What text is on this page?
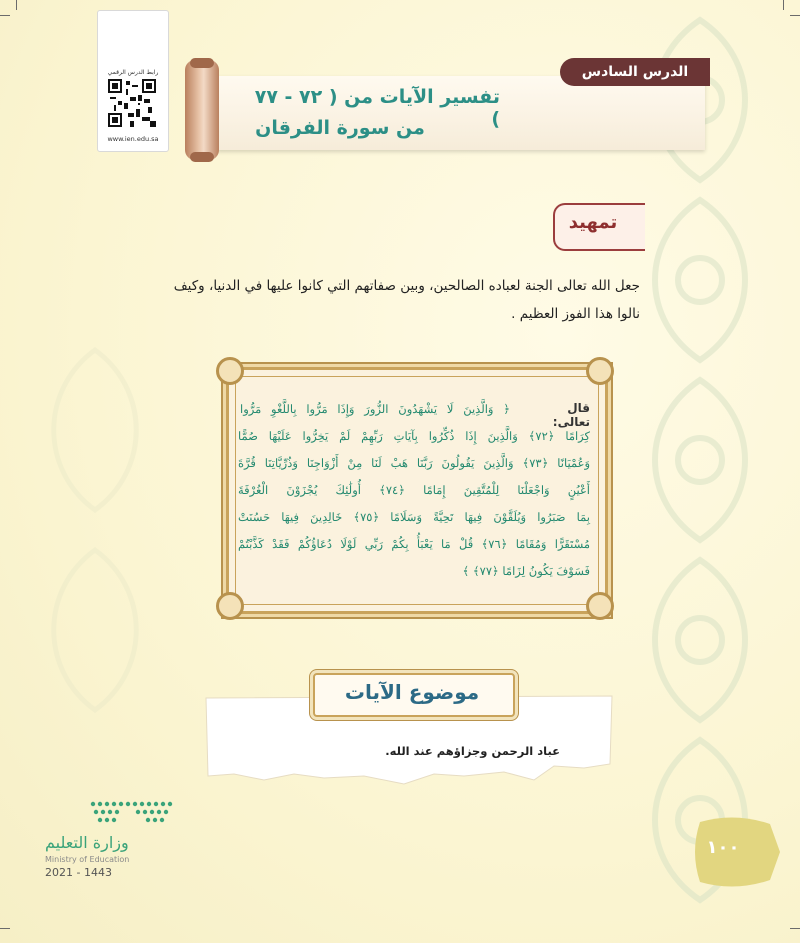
رابط الدرس الرقمي
www.ien.edu.sa
الدرس السادس
تفسير الآيات من ( ٧٢ - ٧٧ )
من سورة الفرقان
تمهيد
جعل الله تعالى الجنة لعباده الصالحين، وبين صفاتهم التي كانوا عليها في الدنيا، وكيف
نالوا هذا الفوز العظيم .
قال تعالى:
﴿ وَالَّذِينَ لَا يَشْهَدُونَ الزُّورَ وَإِذَا مَرُّوا بِاللَّغْوِ مَرُّوا
كِرَامًا ﴿٧٢﴾ وَالَّذِينَ إِذَا ذُكِّرُوا بِآيَاتِ رَبِّهِمْ لَمْ يَخِرُّوا عَلَيْهَا صُمًّا
وَعُمْيَانًا ﴿٧٣﴾ وَالَّذِينَ يَقُولُونَ رَبَّنَا هَبْ لَنَا مِنْ أَزْوَاجِنَا وَذُرِّيَّاتِنَا قُرَّةَ
أَعْيُنٍ وَاجْعَلْنَا لِلْمُتَّقِينَ إِمَامًا ﴿٧٤﴾ أُولَٰئِكَ يُجْزَوْنَ الْغُرْفَةَ
بِمَا صَبَرُوا وَيُلَقَّوْنَ فِيهَا تَحِيَّةً وَسَلَامًا ﴿٧٥﴾ خَالِدِينَ فِيهَا حَسُنَتْ
مُسْتَقَرًّا وَمُقَامًا ﴿٧٦﴾ قُلْ مَا يَعْبَأُ بِكُمْ رَبِّي لَوْلَا دُعَاؤُكُمْ فَقَدْ كَذَّبْتُمْ
فَسَوْفَ يَكُونُ لِزَامًا ﴿٧٧﴾ ﴾
موضوع الآيات
عباد الرحمن وجزاؤهم عند الله.
وزارة التعليم
Ministry of Education
2021 - 1443
١٠٠
